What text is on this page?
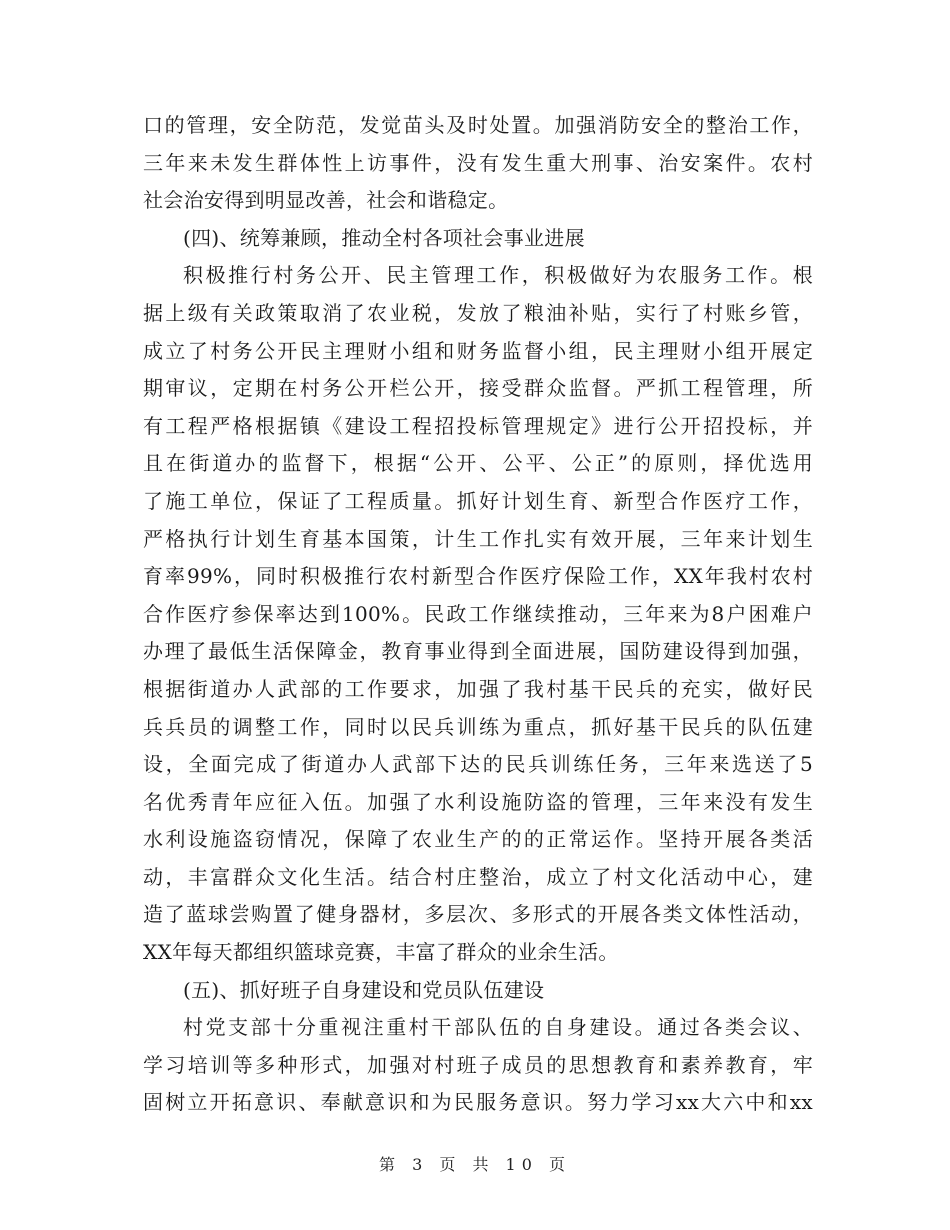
口的管理，安全防范，发觉苗头及时处置。加强消防安全的整治工作，
三年来未发生群体性上访事件，没有发生重大刑事、治安案件。农村
社会治安得到明显改善，社会和谐稳定。
(四)、统筹兼顾，推动全村各项社会事业进展
积极推行村务公开、民主管理工作，积极做好为农服务工作。根
据上级有关政策取消了农业税，发放了粮油补贴，实行了村账乡管，
成立了村务公开民主理财小组和财务监督小组，民主理财小组开展定
期审议，定期在村务公开栏公开，接受群众监督。严抓工程管理，所
有工程严格根据镇《建设工程招投标管理规定》进行公开招投标，并
且在街道办的监督下，根据“公开、公平、公正”的原则，择优选用
了施工单位，保证了工程质量。抓好计划生育、新型合作医疗工作，
严格执行计划生育基本国策，计生工作扎实有效开展，三年来计划生
育率99%，同时积极推行农村新型合作医疗保险工作，XX年我村农村
合作医疗参保率达到100%。民政工作继续推动，三年来为8户困难户
办理了最低生活保障金，教育事业得到全面进展，国防建设得到加强，
根据街道办人武部的工作要求，加强了我村基干民兵的充实，做好民
兵兵员的调整工作，同时以民兵训练为重点，抓好基干民兵的队伍建
设，全面完成了街道办人武部下达的民兵训练任务，三年来选送了5
名优秀青年应征入伍。加强了水利设施防盗的管理，三年来没有发生
水利设施盗窃情况，保障了农业生产的的正常运作。坚持开展各类活
动，丰富群众文化生活。结合村庄整治，成立了村文化活动中心，建
造了蓝球尝购置了健身器材，多层次、多形式的开展各类文体性活动，
XX年每天都组织篮球竞赛，丰富了群众的业余生活。
(五)、抓好班子自身建设和党员队伍建设
村党支部十分重视注重村干部队伍的自身建设。通过各类会议、
学习培训等多种形式，加强对村班子成员的思想教育和素养教育，牢
固树立开拓意识、奉献意识和为民服务意识。努力学习xx大六中和xx
第 3 页 共 10 页
